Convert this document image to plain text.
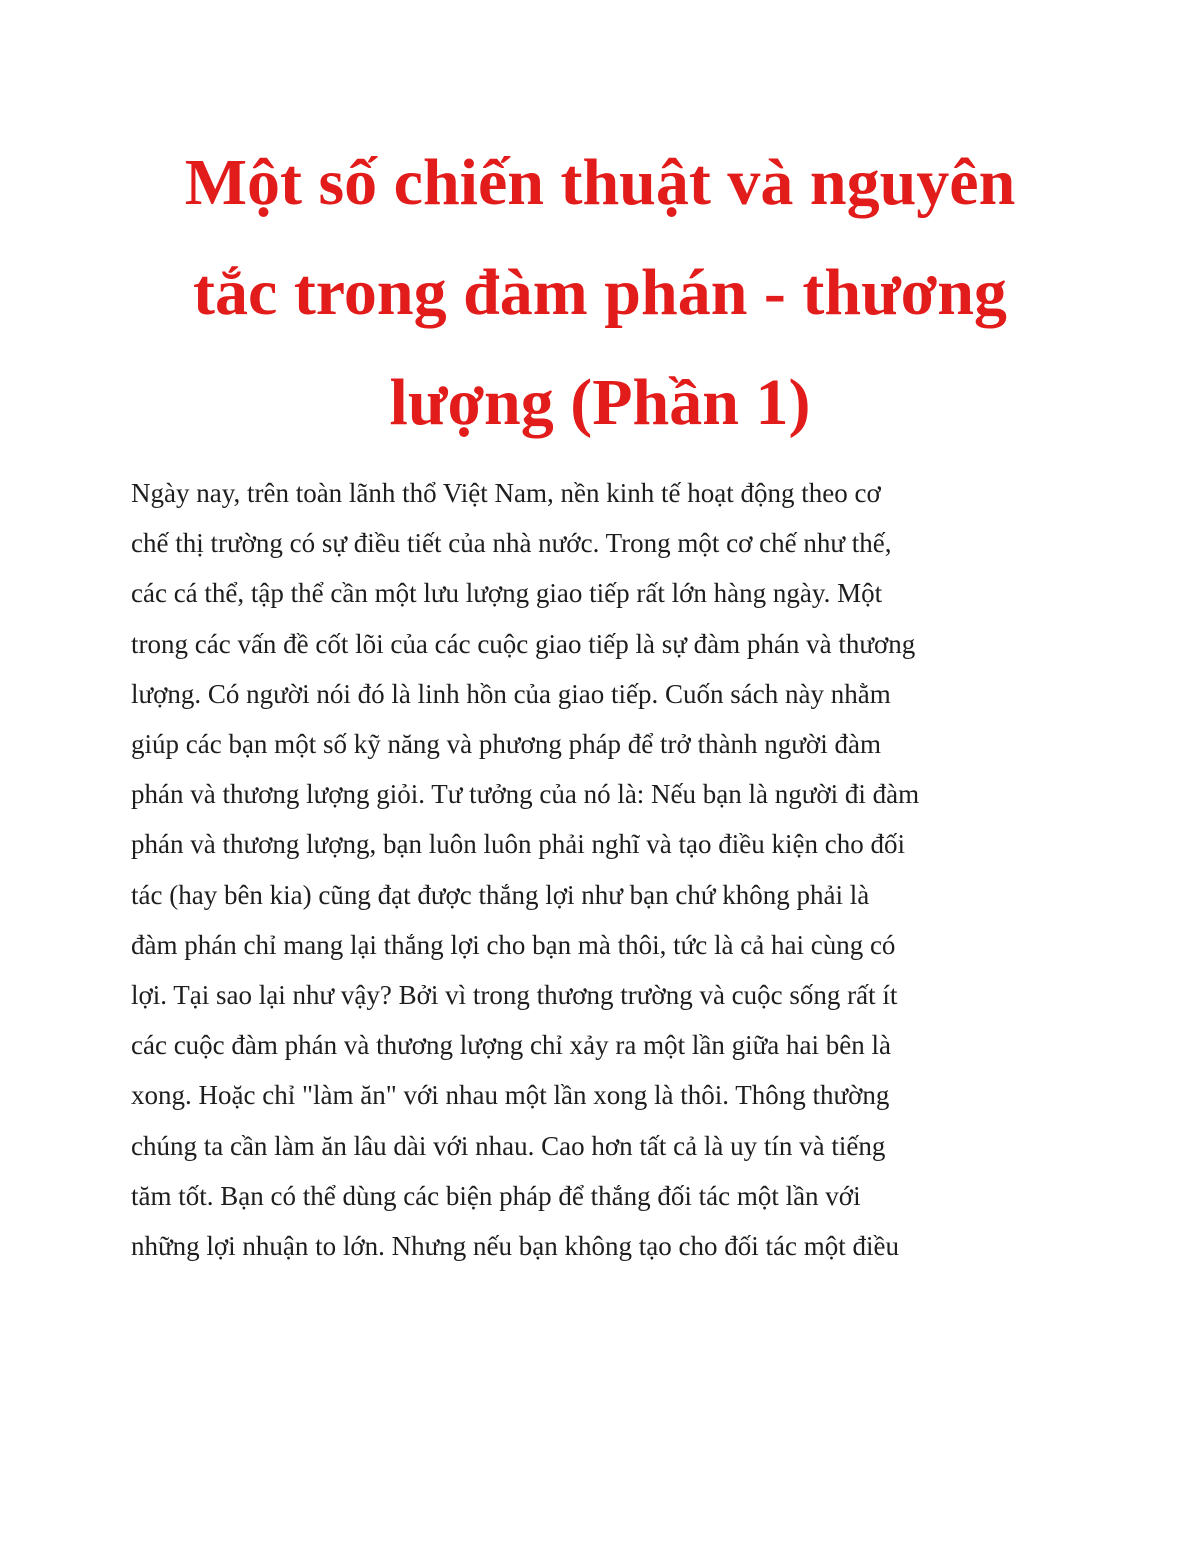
Một số chiến thuật và nguyên
tắc trong đàm phán - thương
lượng (Phần 1)

Ngày nay, trên toàn lãnh thổ Việt Nam, nền kinh tế hoạt động theo cơ
chế thị trường có sự điều tiết của nhà nước. Trong một cơ chế như thế,
các cá thể, tập thể cần một lưu lượng giao tiếp rất lớn hàng ngày. Một
trong các vấn đề cốt lõi của các cuộc giao tiếp là sự đàm phán và thương
lượng. Có người nói đó là linh hồn của giao tiếp. Cuốn sách này nhằm
giúp các bạn một số kỹ năng và phương pháp để trở thành người đàm
phán và thương lượng giỏi. Tư tưởng của nó là: Nếu bạn là người đi đàm
phán và thương lượng, bạn luôn luôn phải nghĩ và tạo điều kiện cho đối
tác (hay bên kia) cũng đạt được thắng lợi như bạn chứ không phải là
đàm phán chỉ mang lại thắng lợi cho bạn mà thôi, tức là cả hai cùng có
lợi. Tại sao lại như vậy? Bởi vì trong thương trường và cuộc sống rất ít
các cuộc đàm phán và thương lượng chỉ xảy ra một lần giữa hai bên là
xong. Hoặc chỉ "làm ăn" với nhau một lần xong là thôi. Thông thường
chúng ta cần làm ăn lâu dài với nhau. Cao hơn tất cả là uy tín và tiếng
tăm tốt. Bạn có thể dùng các biện pháp để thắng đối tác một lần với
những lợi nhuận to lớn. Nhưng nếu bạn không tạo cho đối tác một điều
